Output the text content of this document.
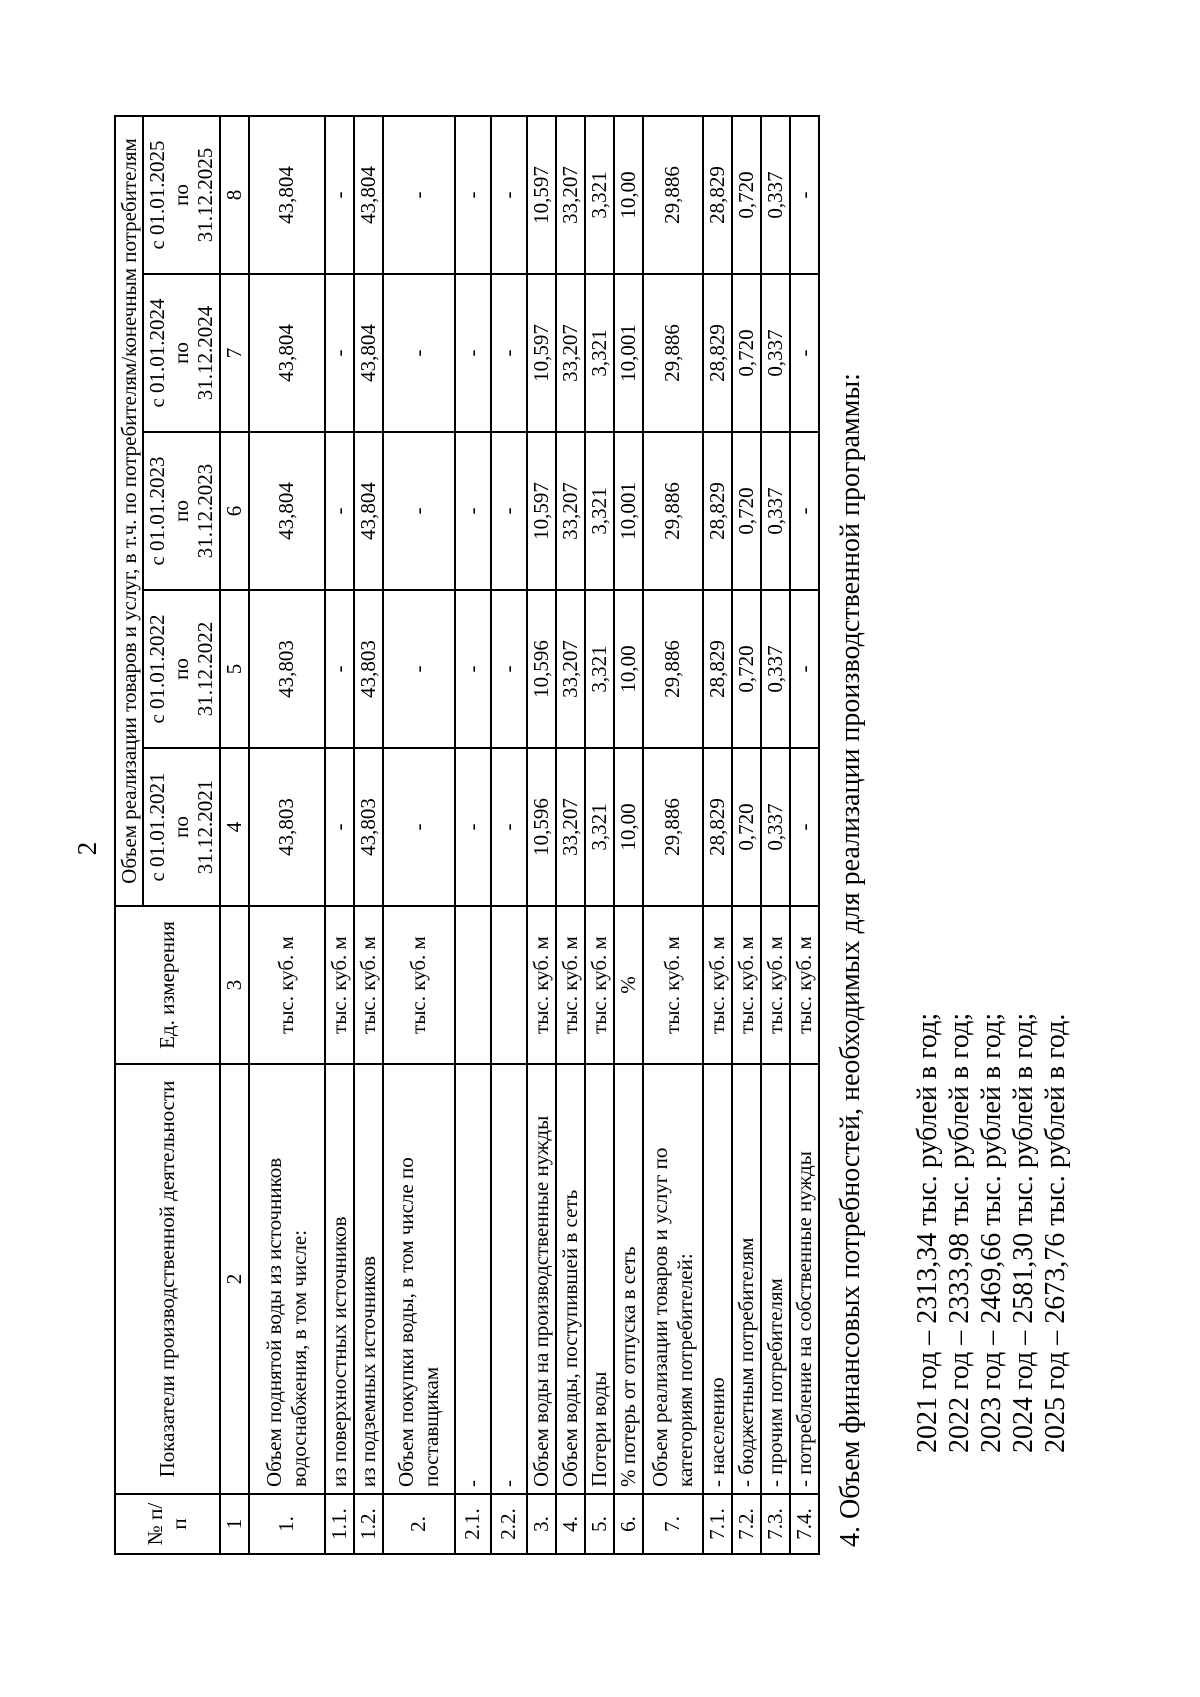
2
№ п/п	Показатели производственной деятельности	Ед. измерения	Объем реализации товаров и услуг, в т.ч. по потребителям/конечным потребителям				
			с 01.01.2021
по
31.12.2021	с 01.01.2022
по
31.12.2022	с 01.01.2023
по
31.12.2023	с 01.01.2024
по
31.12.2024	с 01.01.2025
по
31.12.2025
1	2	3	4	5	6	7	8
1.	Объем поднятой воды из источников водоснабжения, в том числе:	тыс. куб. м	43,803	43,803	43,804	43,804	43,804
1.1.	из поверхностных источников	тыс. куб. м	-	-	-	-	-
1.2.	из подземных источников	тыс. куб. м	43,803	43,803	43,804	43,804	43,804
2.	Объем покупки воды, в том числе по поставщикам	тыс. куб. м	-	-	-	-	-
2.1.	-		-	-	-	-	-
2.2.	-		-	-	-	-	-
3.	Объем воды на производственные нужды	тыс. куб. м	10,596	10,596	10,597	10,597	10,597
4.	Объем воды, поступившей в сеть	тыс. куб. м	33,207	33,207	33,207	33,207	33,207
5.	Потери воды	тыс. куб. м	3,321	3,321	3,321	3,321	3,321
6.	% потерь от отпуска в сеть	%	10,00	10,00	10,001	10,001	10,00
7.	Объем реализации товаров и услуг по категориям потребителей:	тыс. куб. м	29,886	29,886	29,886	29,886	29,886
7.1.	- населению	тыс. куб. м	28,829	28,829	28,829	28,829	28,829
7.2.	- бюджетным потребителям	тыс. куб. м	0,720	0,720	0,720	0,720	0,720
7.3.	- прочим потребителям	тыс. куб. м	0,337	0,337	0,337	0,337	0,337
7.4.	- потребление на собственные нужды	тыс. куб. м	-	-	-	-	-
4. Объем финансовых потребностей, необходимых для реализации производственной программы: 2021 год – 2313,34 тыс. рублей в год; 2022 год – 2333,98 тыс. рублей в год; 2023 год – 2469,66 тыс. рублей в год; 2024 год – 2581,30 тыс. рублей в год; 2025 год – 2673,76 тыс. рублей в год.
